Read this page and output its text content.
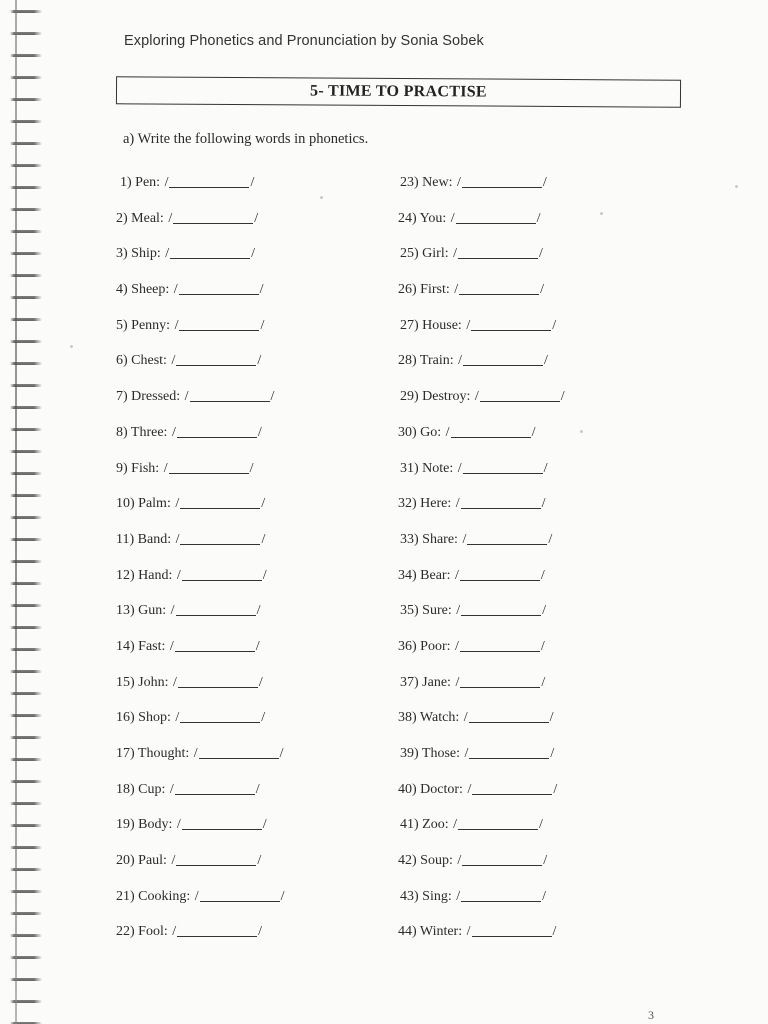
Exploring Phonetics and Pronunciation by Sonia Sobek
5- TIME TO PRACTISE
a) Write the following words in phonetics.
1) Pen: /	/
2) Meal: /	/
3) Ship: /	/
4) Sheep: /	/
5) Penny: /	/
6) Chest: /	/
7) Dressed: /	/
8) Three: /	/
9) Fish: /	/
10) Palm: /	/
11) Band: /	/
12) Hand: /	/
13) Gun: /	/
14) Fast: /	/
15) John: /	/
16) Shop: /	/
17) Thought: /	/
18) Cup: /	/
19) Body: /	/
20) Paul: /	/
21) Cooking: /	/
22) Fool: /	/
23) New: /	/
24) You: /	/
25) Girl: /	/
26) First: /	/
27) House: /	/
28) Train: /	/
29) Destroy: /	/
30) Go: /	/
31) Note: /	/
32) Here: /	/
33) Share: /	/
34) Bear: /	/
35) Sure: /	/
36) Poor: /	/
37) Jane: /	/
38) Watch: /	/
39) Those: /	/
40) Doctor: /	/
41) Zoo: /	/
42) Soup: /	/
43) Sing: /	/
44) Winter: /	/
3
